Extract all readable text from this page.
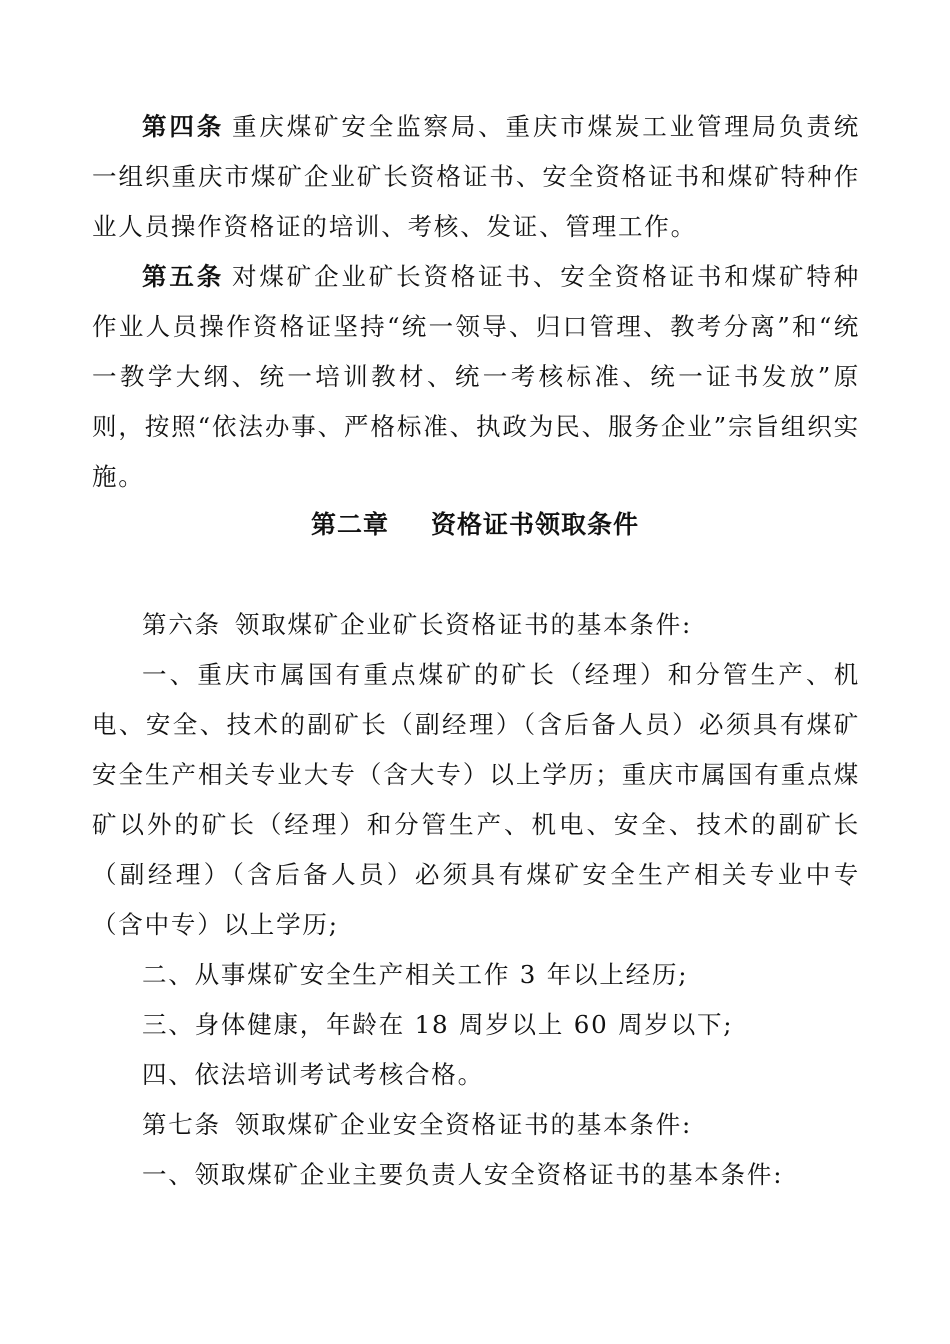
第四条 重庆煤矿安全监察局、重庆市煤炭工业管理局负责统一组织重庆市煤矿企业矿长资格证书、安全资格证书和煤矿特种作业人员操作资格证的培训、考核、发证、管理工作。

第五条 对煤矿企业矿长资格证书、安全资格证书和煤矿特种作业人员操作资格证坚持“统一领导、归口管理、教考分离”和“统一教学大纲、统一培训教材、统一考核标准、统一证书发放”原则，按照“依法办事、严格标准、执政为民、服务企业”宗旨组织实施。

第二章 资格证书领取条件

第六条 领取煤矿企业矿长资格证书的基本条件:

一、重庆市属国有重点煤矿的矿长（经理）和分管生产、机电、安全、技术的副矿长（副经理）（含后备人员）必须具有煤矿安全生产相关专业大专（含大专）以上学历；重庆市属国有重点煤矿以外的矿长（经理）和分管生产、机电、安全、技术的副矿长（副经理）（含后备人员）必须具有煤矿安全生产相关专业中专（含中专）以上学历;

二、从事煤矿安全生产相关工作 3 年以上经历;

三、身体健康，年龄在 18 周岁以上 60 周岁以下;

四、依法培训考试考核合格。

第七条 领取煤矿企业安全资格证书的基本条件:

一、领取煤矿企业主要负责人安全资格证书的基本条件:
